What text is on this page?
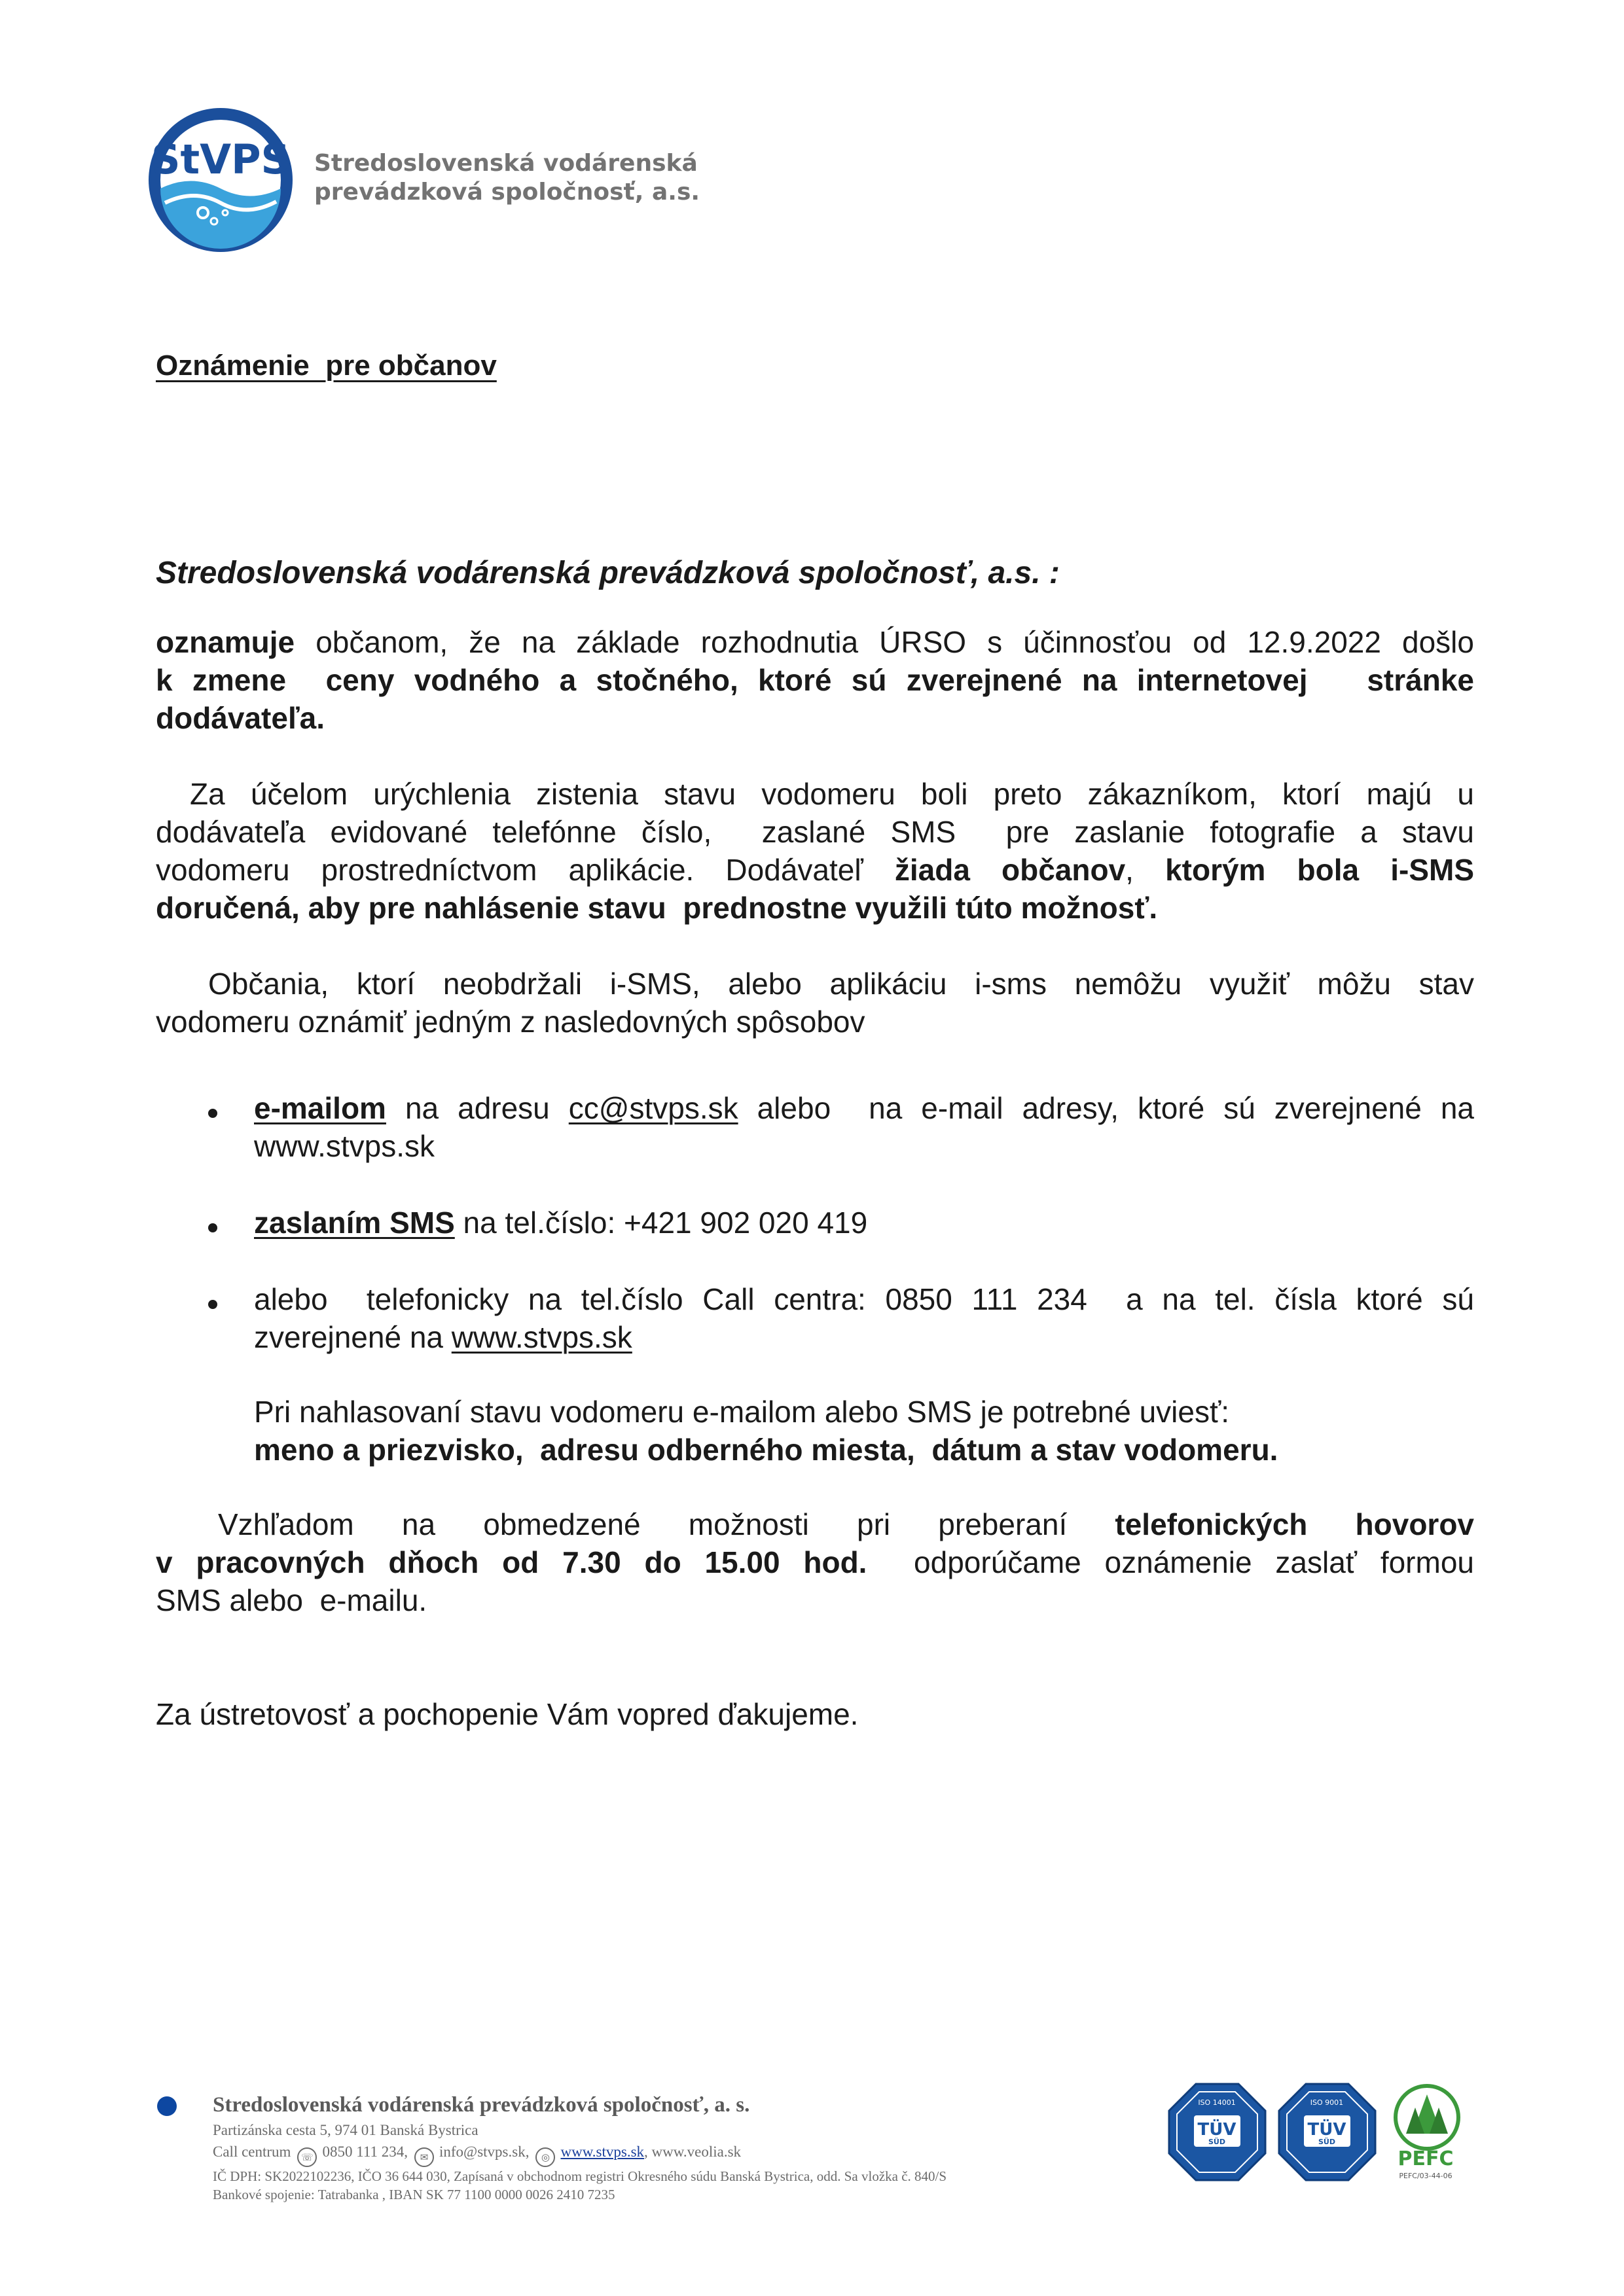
StVPS Stredoslovenská vodárenská
prevádzková spoločnosť, a.s.
Oznámenie  pre občanov
Stredoslovenská vodárenská prevádzková spoločnosť, a.s. :
oznamuje občanom, že na základe rozhodnutia ÚRSO s účinnosťou od 12.9.2022 došlo
k zmene  ceny vodného a stočného, ktoré sú zverejnené na internetovej   stránke
dodávateľa.
Za účelom urýchlenia zistenia stavu vodomeru boli preto zákazníkom, ktorí majú u
dodávateľa evidované telefónne číslo,  zaslané SMS  pre zaslanie fotografie a stavu
vodomeru prostredníctvom aplikácie. Dodávateľ žiada občanov, ktorým bola i-SMS
doručená, aby pre nahlásenie stavu  prednostne využili túto možnosť.
Občania, ktorí neobdržali i-SMS, alebo aplikáciu i-sms nemôžu využiť môžu stav
vodomeru oznámiť jedným z nasledovných spôsobov
e-mailom na adresu cc@stvps.sk alebo  na e-mail adresy, ktoré sú zverejnené na
www.stvps.sk
zaslaním SMS na tel.číslo: +421 902 020 419
alebo  telefonicky na tel.číslo Call centra: 0850 111 234  a na tel. čísla ktoré sú
zverejnené na www.stvps.sk
Pri nahlasovaní stavu vodomeru e-mailom alebo SMS je potrebné uviesť:
meno a priezvisko,  adresu odberného miesta,  dátum a stav vodomeru.
Vzhľadom na obmedzené možnosti pri preberaní telefonických hovorov
v pracovných dňoch od 7.30 do 15.00 hod.  odporúčame oznámenie zaslať formou
SMS alebo  e-mailu.
Za ústretovosť a pochopenie Vám vopred ďakujeme.
Stredoslovenská vodárenská prevádzková spoločnosť, a. s.
Partizánska cesta 5, 974 01 Banská Bystrica
Call centrum ☏ 0850 111 234, ✉ info@stvps.sk, ◎ www.stvps.sk, www.veolia.sk
IČ DPH: SK2022102236, IČO 36 644 030, Zapísaná v obchodnom registri Okresného súdu Banská Bystrica, odd. Sa vložka č. 840/S
Bankové spojenie: Tatrabanka , IBAN SK 77 1100 0000 0026 2410 7235
ISO 14001
TÜV
SÜD
ISO 9001
TÜV
SÜD
PEFC
PEFC/03-44-06
